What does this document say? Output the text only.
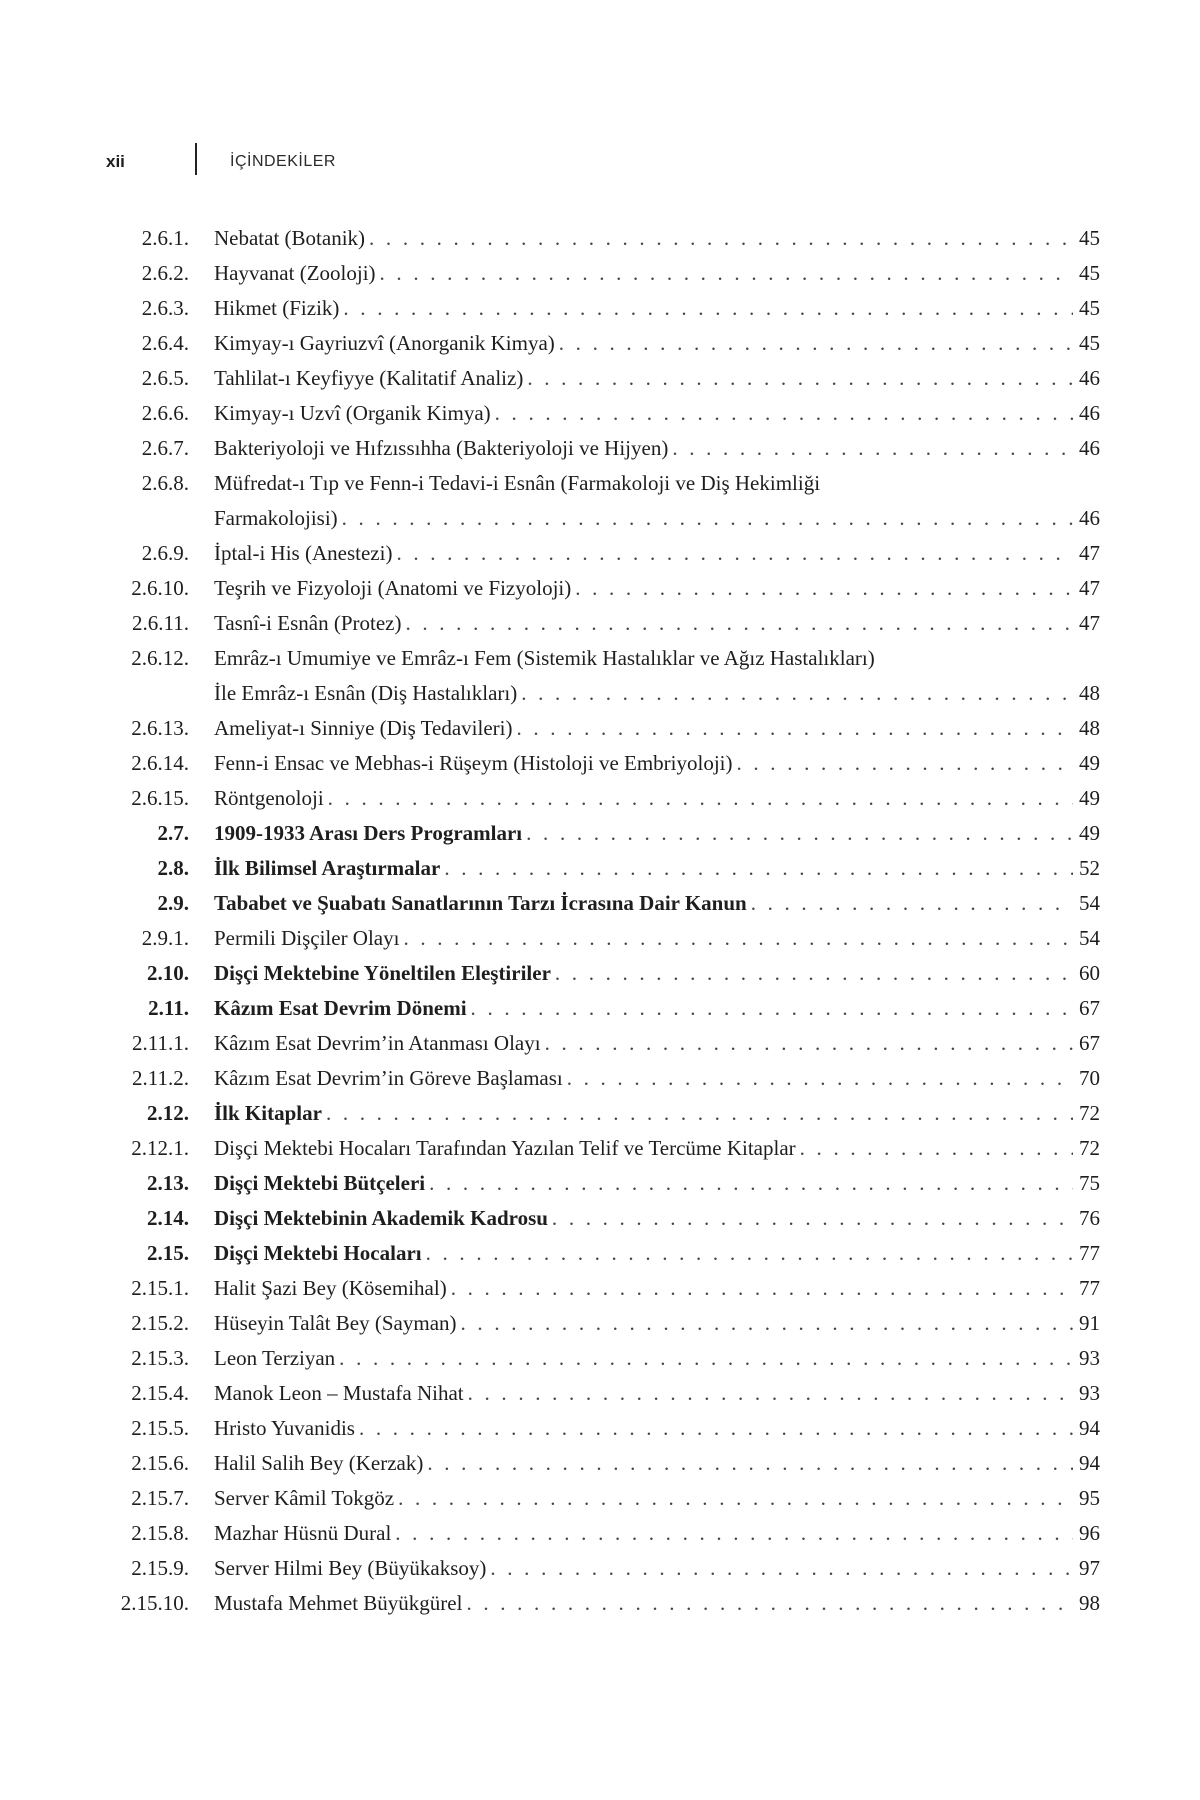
xii	İÇİNDEKİLER
2.6.1. Nebatat (Botanik) . . .	45
2.6.2. Hayvanat (Zooloji) . . .	45
2.6.3. Hikmet (Fizik) . . .	45
2.6.4. Kimyay-ı Gayriuzvî (Anorganik Kimya) . . .	45
2.6.5. Tahlilat-ı Keyfiyye (Kalitatif Analiz) . . .	46
2.6.6. Kimyay-ı Uzvî (Organik Kimya) . . .	46
2.6.7. Bakteriyoloji ve Hıfzıssıhha (Bakteriyoloji ve Hijyen) . . .	46
2.6.8. Müfredat-ı Tıp ve Fenn-i Tedavi-i Esnân (Farmakoloji ve Diş Hekimliği
Farmakolojisi) . . .	46
2.6.9. İptal-i His (Anestezi) . . .	47
2.6.10. Teşrih ve Fizyoloji (Anatomi ve Fizyoloji) . . .	47
2.6.11. Tasnî-i Esnân (Protez) . . .	47
2.6.12. Emrâz-ı Umumiye ve Emrâz-ı Fem (Sistemik Hastalıklar ve Ağız Hastalıkları)
İle Emrâz-ı Esnân (Diş Hastalıkları) . . .	48
2.6.13. Ameliyat-ı Sinniye (Diş Tedavileri) . . .	48
2.6.14. Fenn-i Ensac ve Mebhas-i Rüşeym (Histoloji ve Embriyoloji) . . .	49
2.6.15. Röntgenoloji . . .	49
2.7. 1909-1933 Arası Ders Programları . . .	49
2.8. İlk Bilimsel Araştırmalar . . .	52
2.9. Tababet ve Şuabatı Sanatlarının Tarzı İcrasına Dair Kanun . . .	54
2.9.1. Permili Dişçiler Olayı . . .	54
2.10. Dişçi Mektebine Yöneltilen Eleştiriler . . .	60
2.11. Kâzım Esat Devrim Dönemi . . .	67
2.11.1. Kâzım Esat Devrim’in Atanması Olayı . . .	67
2.11.2. Kâzım Esat Devrim’in Göreve Başlaması . . .	70
2.12. İlk Kitaplar . . .	72
2.12.1. Dişçi Mektebi Hocaları Tarafından Yazılan Telif ve Tercüme Kitaplar . . .	72
2.13. Dişçi Mektebi Bütçeleri . . .	75
2.14. Dişçi Mektebinin Akademik Kadrosu . . .	76
2.15. Dişçi Mektebi Hocaları . . .	77
2.15.1. Halit Şazi Bey (Kösemihal) . . .	77
2.15.2. Hüseyin Talât Bey (Sayman) . . .	91
2.15.3. Leon Terziyan . . .	93
2.15.4. Manok Leon – Mustafa Nihat . . .	93
2.15.5. Hristo Yuvanidis . . .	94
2.15.6. Halil Salih Bey (Kerzak) . . .	94
2.15.7. Server Kâmil Tokgöz . . .	95
2.15.8. Mazhar Hüsnü Dural . . .	96
2.15.9. Server Hilmi Bey (Büyükaksoy) . . .	97
2.15.10. Mustafa Mehmet Büyükgürel . . .	98
